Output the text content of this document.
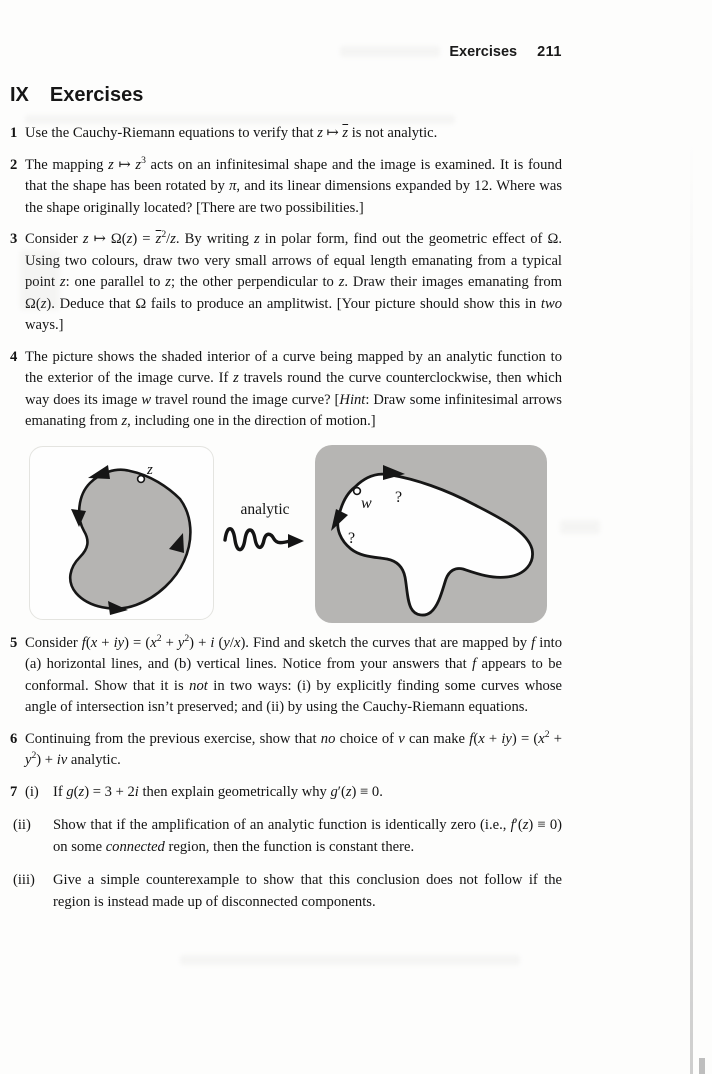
Exercises 211
IX Exercises
1 Use the Cauchy-Riemann equations to verify that z ↦ $\overline{z}$ is not analytic.
2 The mapping z ↦ $z^3$ acts on an infinitesimal shape and the image is examined. It is found that the shape has been rotated by π, and its linear dimensions expanded by 12. Where was the shape originally located? [There are two possibilities.]
3 Consider z ↦ $\Omega(z) = \overline{z}^2/z$. By writing z in polar form, find out the geometric effect of Ω. Using two colours, draw two very small arrows of equal length emanating from a typical point z: one parallel to z; the other perpendicular to z. Draw their images emanating from Ω(z). Deduce that Ω fails to produce an amplitwist. [Your picture should show this in two ways.]
4 The picture shows the shaded interior of a curve being mapped by an analytic function to the exterior of the image curve. If z travels round the curve counterclockwise, then which way does its image w travel round the image curve? [Hint: Draw some infinitesimal arrows emanating from z, including one in the direction of motion.]
z
analytic	w ?
?
5 Consider $f(x + iy) = (x^2 + y^2) + i$ (y/x). Find and sketch the curves that are mapped by f into (a) horizontal lines, and (b) vertical lines. Notice from your answers that f appears to be conformal. Show that it is not in two ways: (i) by explicitly finding some curves whose angle of intersection isn’t preserved; and (ii) by using the Cauchy-Riemann equations.
6 Continuing from the previous exercise, show that no choice of v can make $f(x + iy) = (x^2 + y^2)$ + iv analytic.
7 (i) If g(z) = 3 + 2i then explain geometrically why g′(z) ≡ 0.
(ii)	Show that if the amplification of an analytic function is identically zero (i.e., f′(z) ≡ 0) on some connected region, then the function is constant there.
(iii)	Give a simple counterexample to show that this conclusion does not follow if the region is instead made up of disconnected components.
